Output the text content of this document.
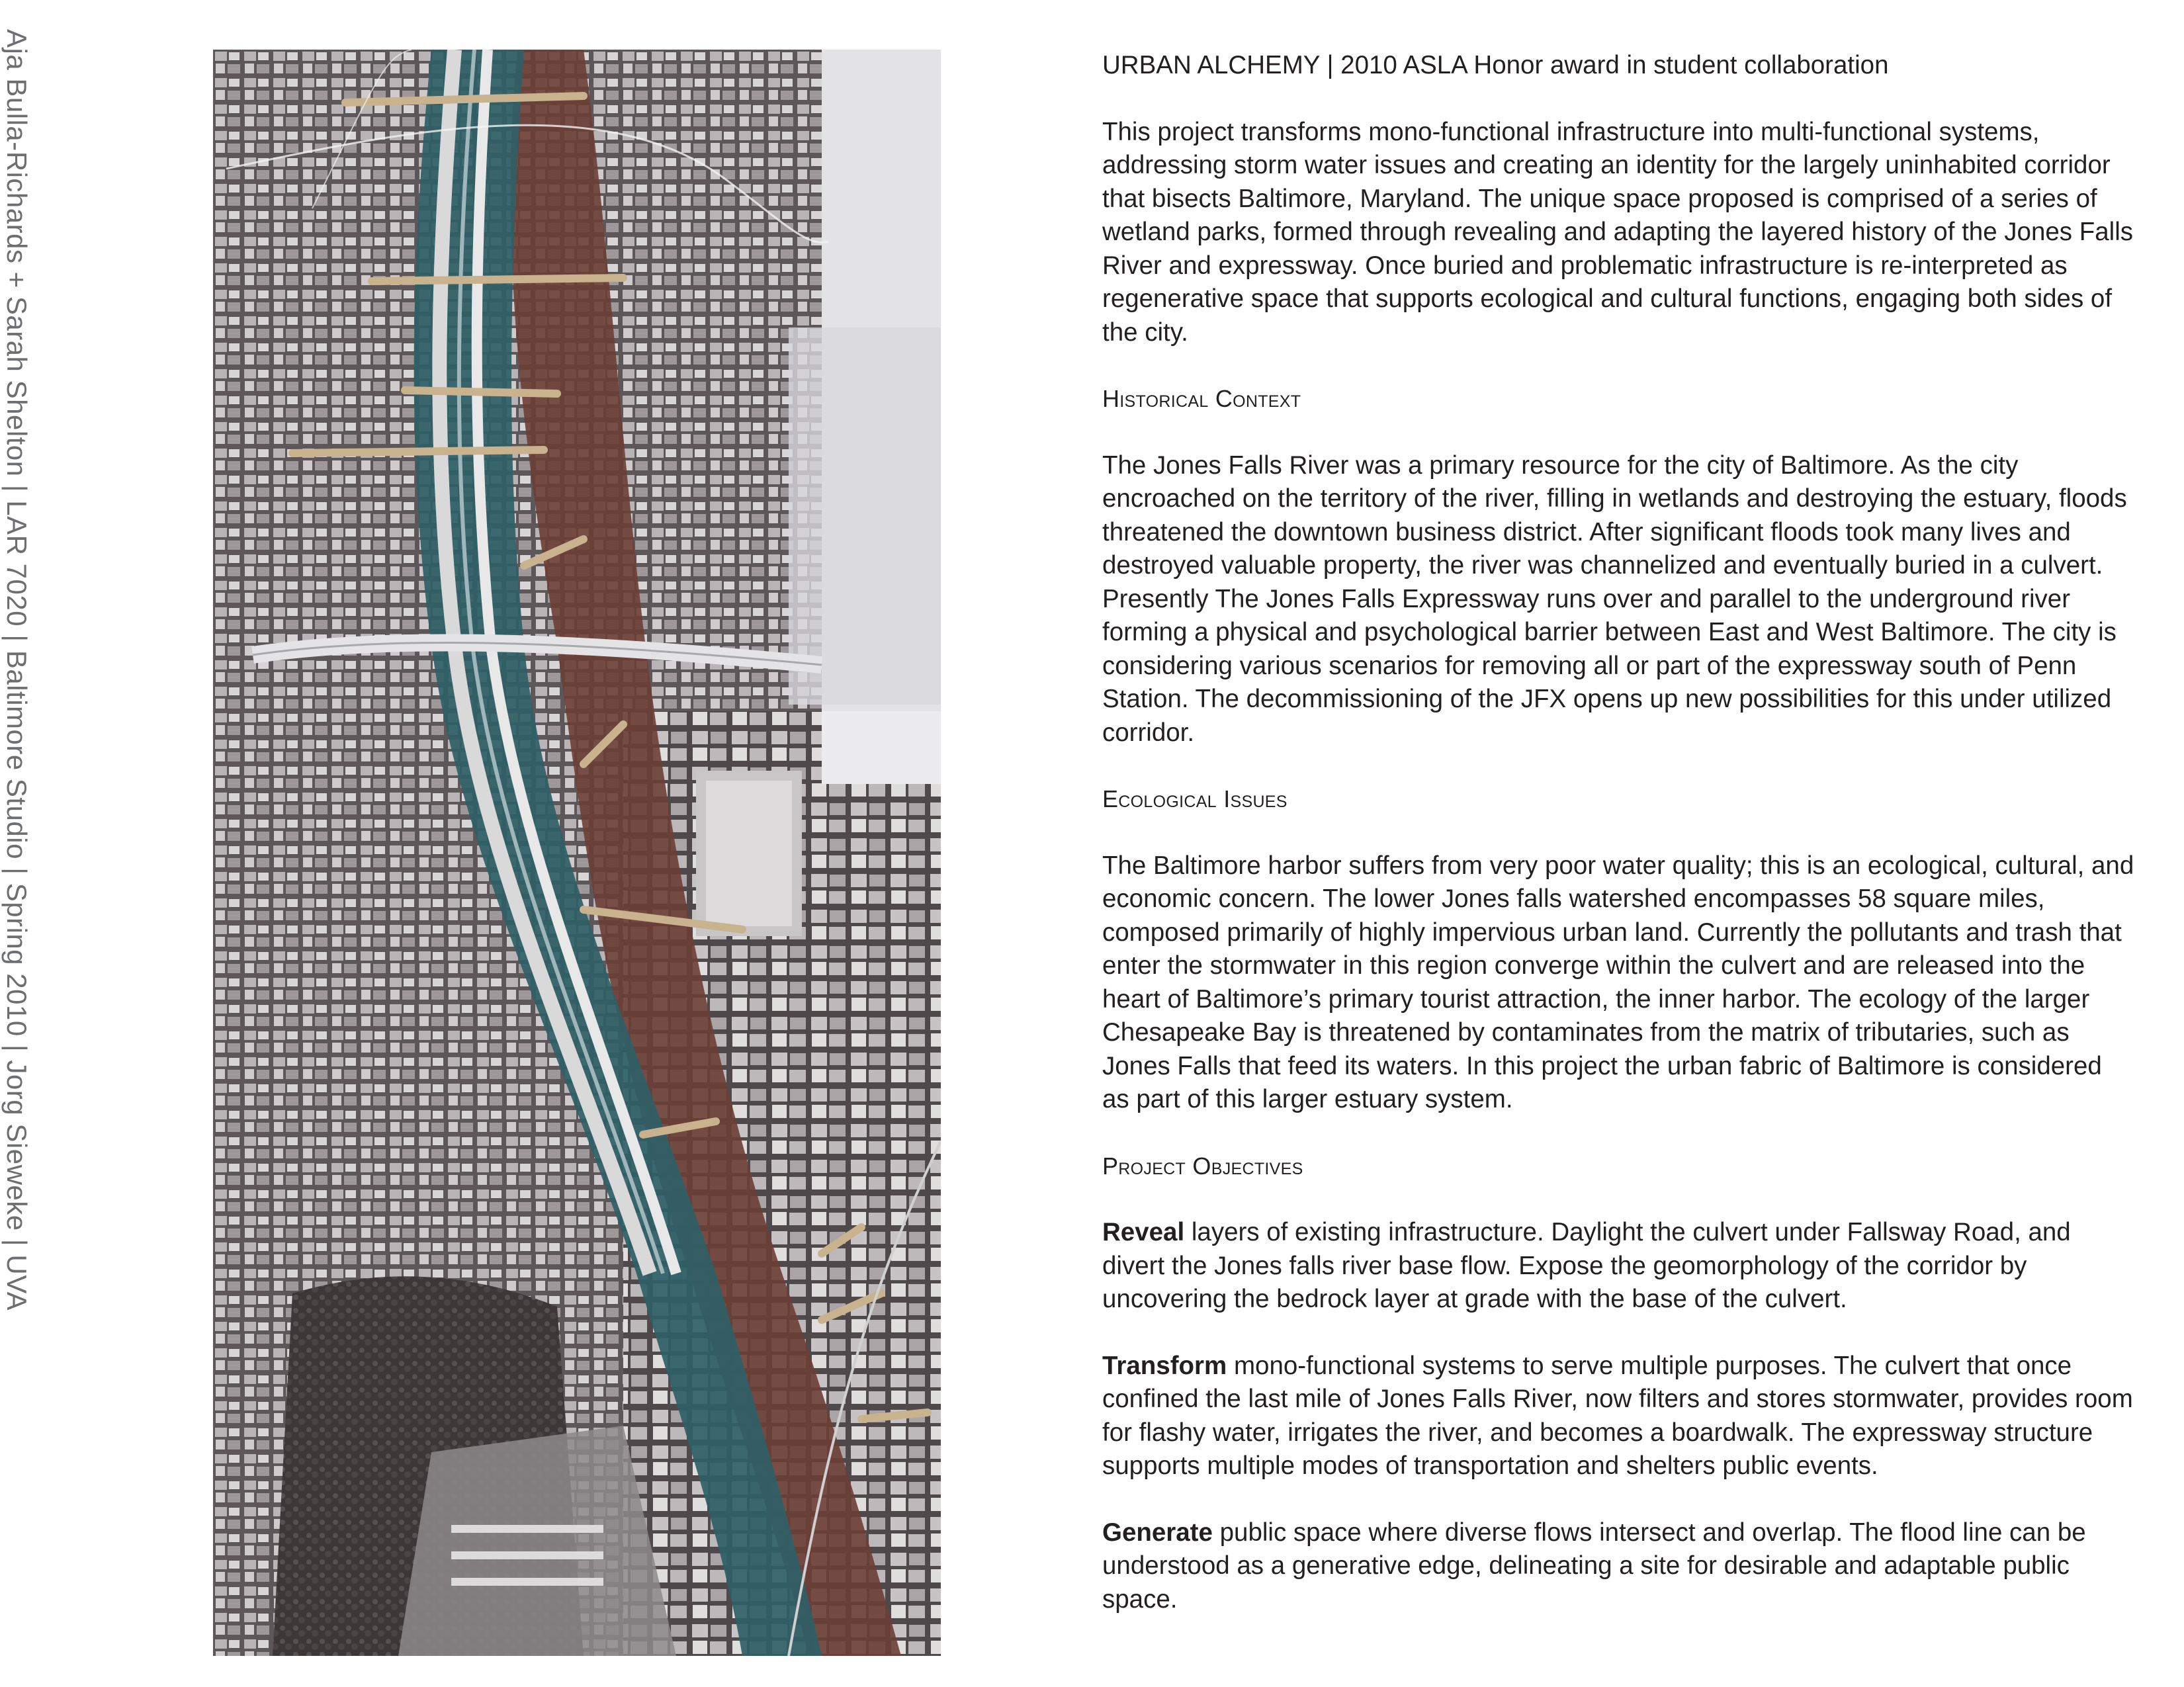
Aja Bulla-Richards + Sarah Shelton | LAR 7020 | Baltimore Studio | Spring 2010 | Jorg Sieweke | UVA	URBAN ALCHEMY | 2010 ASLA Honor award in student collaboration

This project transforms mono-functional infrastructure into multi-functional systems, addressing storm water issues and creating an identity for the largely uninhabited corridor that bisects Baltimore, Maryland. The unique space proposed is comprised of a series of wetland parks, formed through revealing and adapting the layered history of the Jones Falls River and expressway. Once buried and problematic infrastructure is re-interpreted as regenerative space that supports ecological and cultural functions, engaging both sides of the city.

Historical Context

The Jones Falls River was a primary resource for the city of Baltimore. As the city encroached on the territory of the river, filling in wetlands and destroying the estuary, floods threatened the downtown business district. After significant floods took many lives and destroyed valuable property, the river was channelized and eventually buried in a culvert. Presently The Jones Falls Expressway runs over and parallel to the underground river forming a physical and psychological barrier between East and West Baltimore. The city is considering various scenarios for removing all or part of the expressway south of Penn Station. The decommissioning of the JFX opens up new possibilities for this under utilized corridor.

Ecological Issues

The Baltimore harbor suffers from very poor water quality; this is an ecological, cultural, and economic concern. The lower Jones falls watershed encompasses 58 square miles, composed primarily of highly impervious urban land. Currently the pollutants and trash that enter the stormwater in this region converge within the culvert and are released into the heart of Baltimore’s primary tourist attraction, the inner harbor. The ecology of the larger Chesapeake Bay is threatened by contaminates from the matrix of tributaries, such as Jones Falls that feed its waters. In this project the urban fabric of Baltimore is considered as part of this larger estuary system.

Project Objectives

Reveal layers of existing infrastructure. Daylight the culvert under Fallsway Road, and divert the Jones falls river base flow. Expose the geomorphology of the corridor by uncovering the bedrock layer at grade with the base of the culvert.

Transform mono-functional systems to serve multiple purposes. The culvert that once confined the last mile of Jones Falls River, now filters and stores stormwater, provides room for flashy water, irrigates the river, and becomes a boardwalk. The expressway structure supports multiple modes of transportation and shelters public events.

Generate public space where diverse flows intersect and overlap. The flood line can be understood as a generative edge, delineating a site for desirable and adaptable public space.
